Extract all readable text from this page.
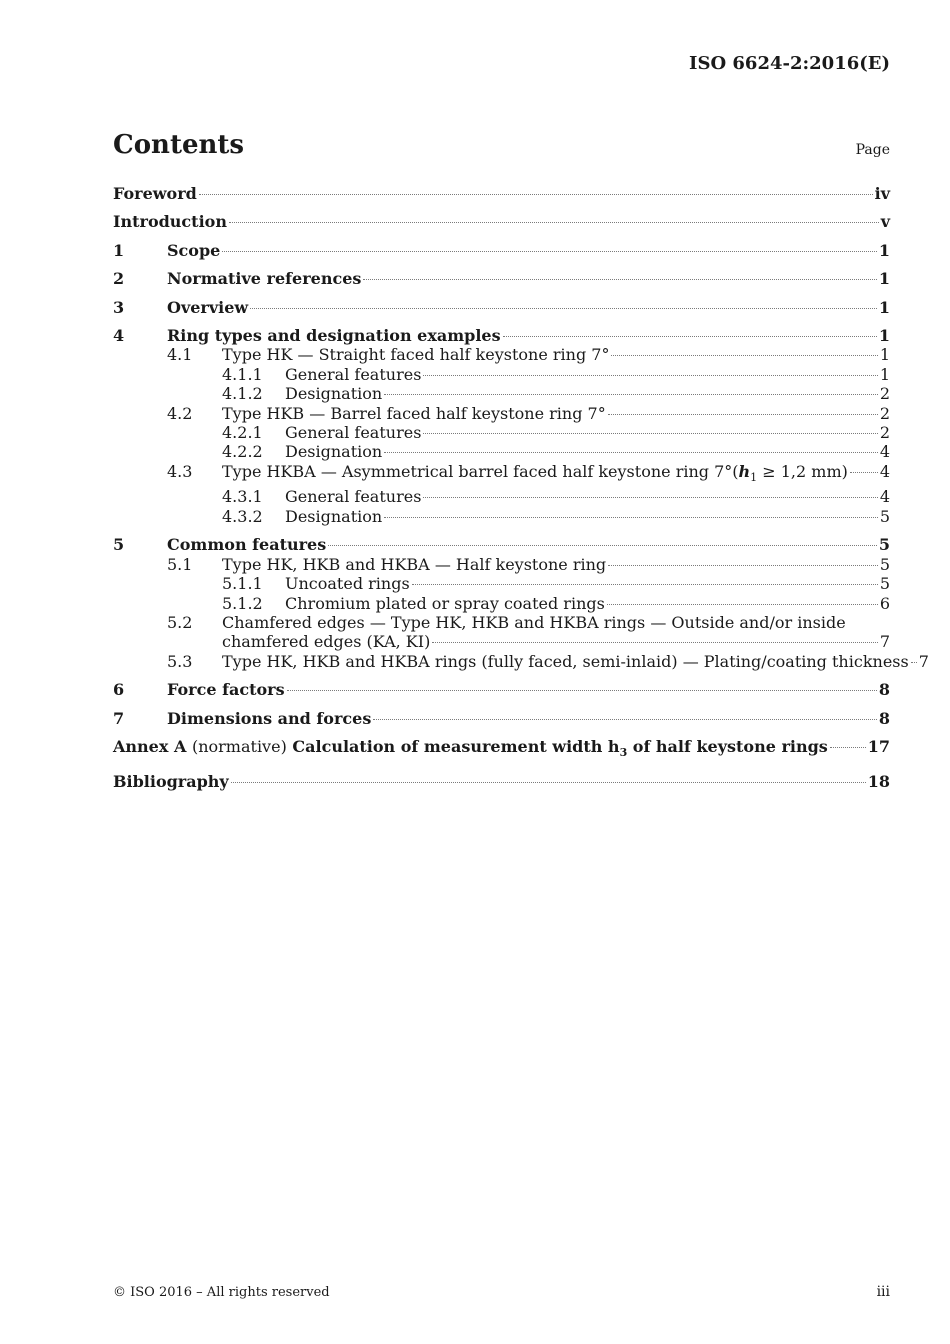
ISO 6624-2:2016(E)
Contents	Page
Foreword	iv
Introduction	v
1	Scope	1
2	Normative references	1
3	Overview	1
4	Ring types and designation examples	1
4.1	Type HK — Straight faced half keystone ring 7°	1
4.1.1	General features	1
4.1.2	Designation	2
4.2	Type HKB — Barrel faced half keystone ring 7°	2
4.2.1	General features	2
4.2.2	Designation	4
4.3	Type HKBA — Asymmetrical barrel faced half keystone ring $7^\circ(h_1 \ge 1,2$ mm) 4
4.3.1	General features	4
4.3.2	Designation	5
5	Common features	5
5.1	Type HK, HKB and HKBA — Half keystone ring	5
5.1.1	Uncoated rings	5
5.1.2	Chromium plated or spray coated rings	6
5.2	Chamfered edges — Type HK, HKB and HKBA rings — Outside and/or inside
chamfered edges (KA, KI)	7
5.3	Type HK, HKB and HKBA rings (fully faced, semi-inlaid) — Plating/coating thickness 7
6	Force factors	8
7	Dimensions and forces	8
Annex A (normative) Calculation of measurement width $h_3$ of half keystone rings 17
Bibliography	18
© ISO 2016 – All rights reserved	iii
